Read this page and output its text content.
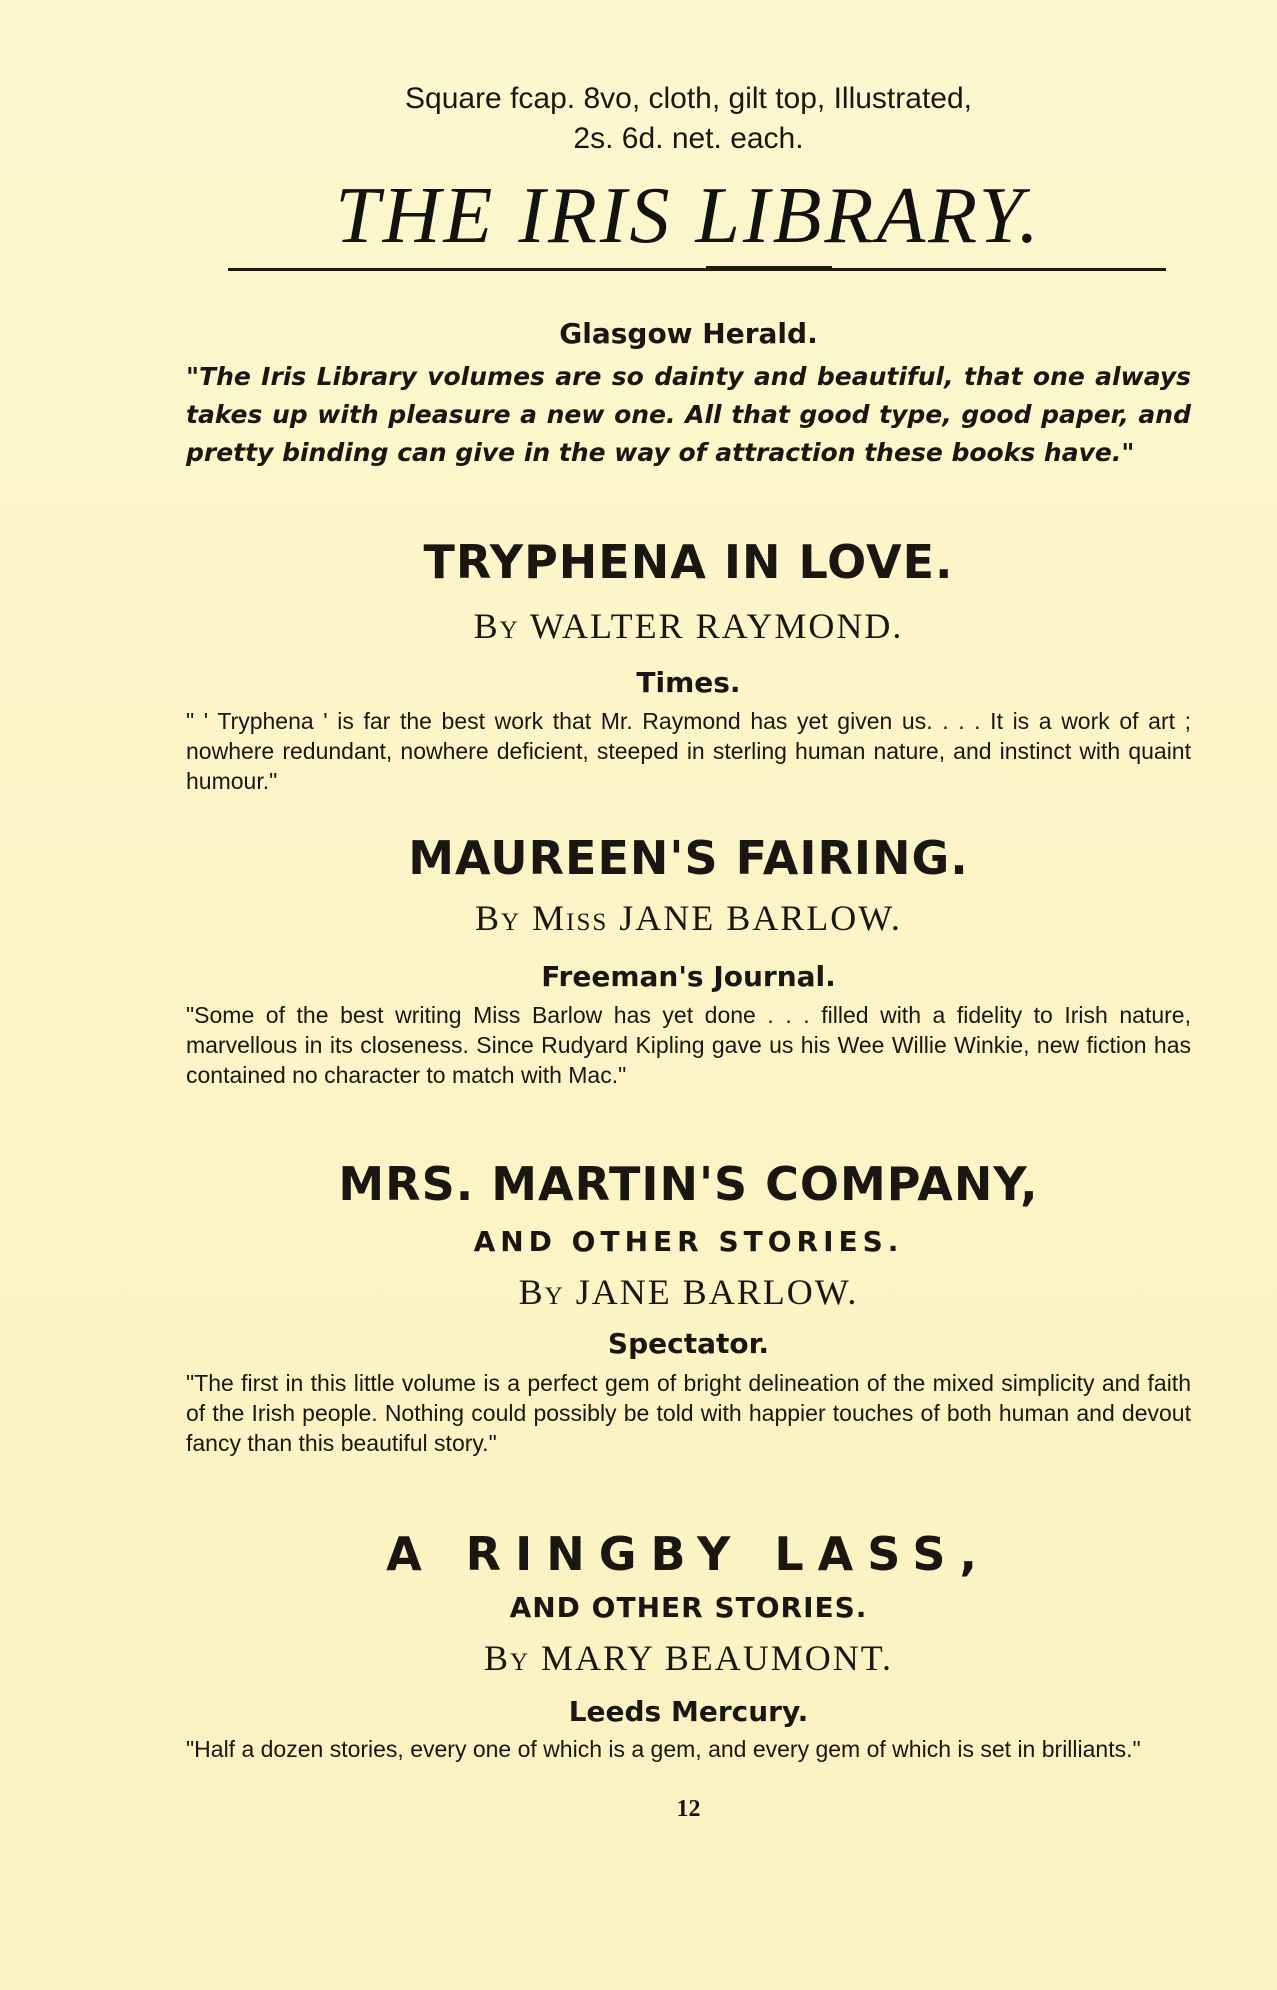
Square fcap. 8vo, cloth, gilt top, Illustrated,
2s. 6d. net. each.
THE IRIS LIBRARY.
Glasgow Herald.
"The Iris Library volumes are so dainty and beautiful, that one always takes up with pleasure a new one. All that good type, good paper, and pretty binding can give in the way of attraction these books have."
TRYPHENA IN LOVE.
By WALTER RAYMOND.
Times.
" ' Tryphena ' is far the best work that Mr. Raymond has yet given us. . . . It is a work of art ; nowhere redundant, nowhere deficient, steeped in sterling human nature, and instinct with quaint humour."
MAUREEN'S FAIRING.
By Miss JANE BARLOW.
Freeman's Journal.
"Some of the best writing Miss Barlow has yet done . . . filled with a fidelity to Irish nature, marvellous in its closeness. Since Rudyard Kipling gave us his Wee Willie Winkie, new fiction has contained no character to match with Mac."
MRS. MARTIN'S COMPANY,
AND OTHER STORIES.
By JANE BARLOW.
Spectator.
"The first in this little volume is a perfect gem of bright delineation of the mixed simplicity and faith of the Irish people. Nothing could possibly be told with happier touches of both human and devout fancy than this beautiful story."
A RINGBY LASS,
AND OTHER STORIES.
By MARY BEAUMONT.
Leeds Mercury.
"Half a dozen stories, every one of which is a gem, and every gem of which is set in brilliants."
12
